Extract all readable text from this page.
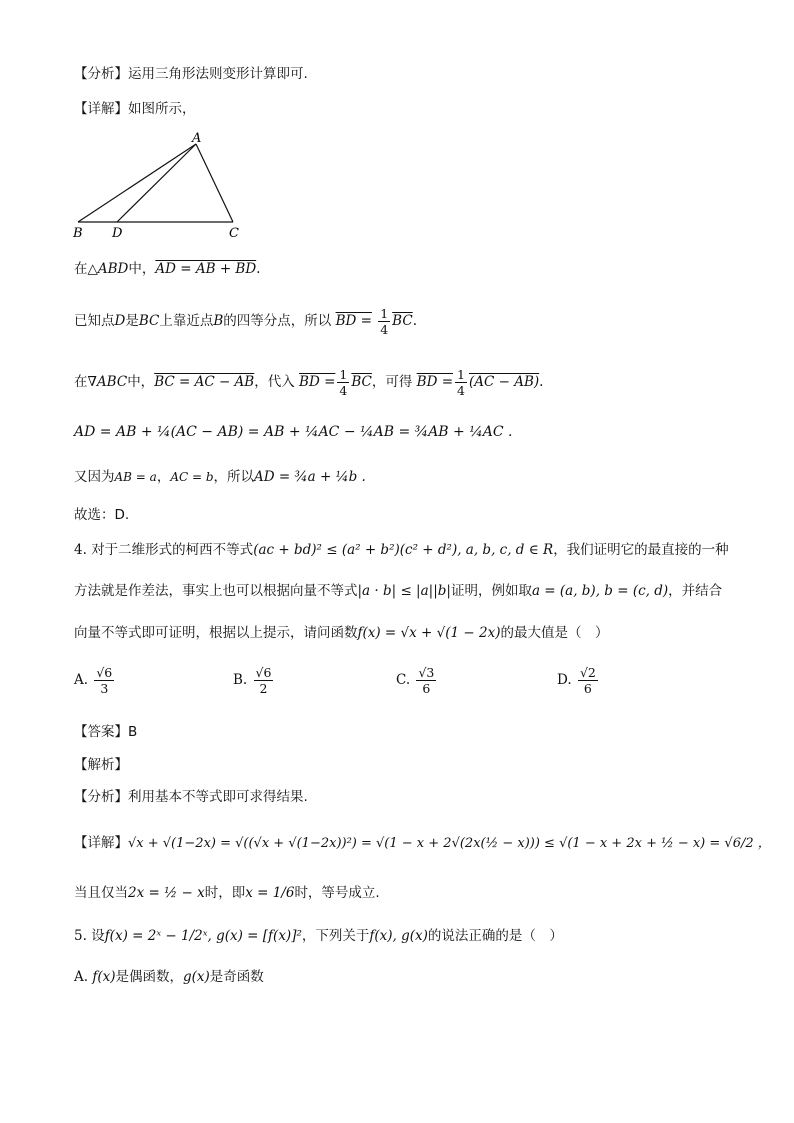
【分析】运用三角形法则变形计算即可.
【详解】如图所示，
A
B D	C
在△ABD中，AD = AB + BD.
已知点D是BC上靠近点B的四等分点，所以 BD = $\frac{1}{4} \overline{BC}$.
在∇ABC中，BC = AC − AB，代入 BD = $\frac{1}{4} \overline{BC}$，可得 BD = $\frac{1}{4} (AC - AB)$.
AD = AB + ¼(AC − AB) = AB + ¼AC − ¼AB = ¾AB + ¼AC .
又因为AB = a，AC = b，所以AD = ¾a + ¼b .
故选：D.
4. 对于二维形式的柯西不等式(ac + bd)² ≤ (a² + b²)(c² + d²), a, b, c, d ∈ R，我们证明它的最直接的一种
方法就是作差法，事实上也可以根据向量不等式|a · b| ≤ |a||b|证明，例如取a = (a, b), b = (c, d)，并结合
向量不等式即可证明，根据以上提示，请问函数f(x) = √x + √(1 − 2x)的最大值是（　）
A. $\frac{√6}{3}$	B. $\frac{√6}{2}$	C. $\frac{√3}{6}$	D. $\frac{√2}{6}$
【答案】B
【解析】
【分析】利用基本不等式即可求得结果.
【详解】√x + √(1−2x) = √((√x + √(1−2x))²) = √(1 − x + 2√(2x(½ − x))) ≤ √(1 − x + 2x + ½ − x) = √6/2 ，
当且仅当2x = ½ − x时，即x = 1/6时，等号成立.
5. 设f(x) = 2ˣ − 1/2ˣ, g(x) = [f(x)]²，下列关于f(x), g(x)的说法正确的是（　）
A. f(x)是偶函数，g(x)是奇函数
